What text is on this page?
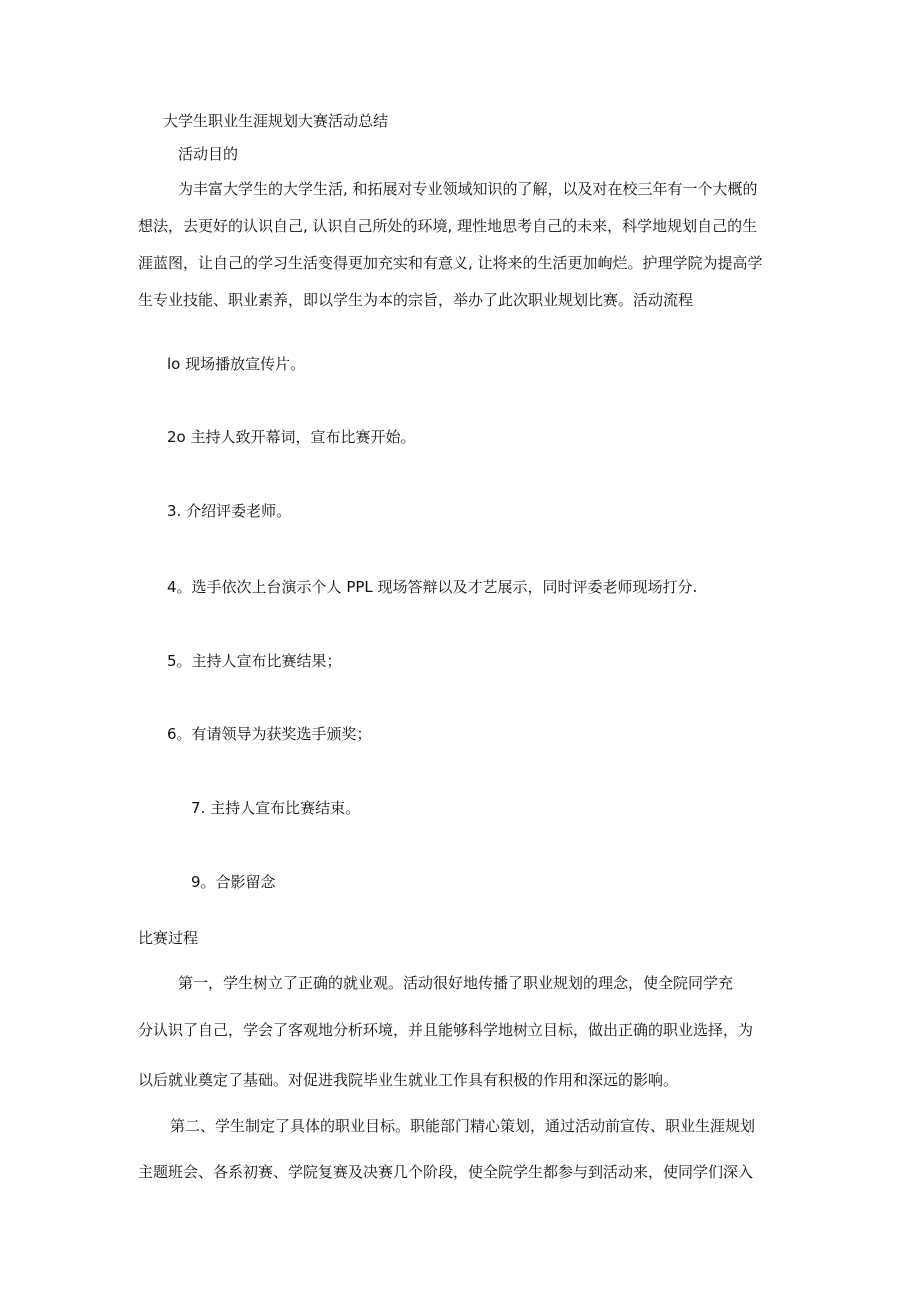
大学生职业生涯规划大赛活动总结
活动目的
为丰富大学生的大学生活, 和拓展对专业领域知识的了解，以及对在校三年有一个大概的
想法，去更好的认识自己, 认识自己所处的环境, 理性地思考自己的未来，科学地规划自己的生
涯蓝图，让自己的学习生活变得更加充实和有意义, 让将来的生活更加峋烂。护理学院为提高学
生专业技能、职业素养，即以学生为本的宗旨，举办了此次职业规划比赛。活动流程
lo 现场播放宣传片。
2o 主持人致开幕词，宣布比赛开始。
3. 介绍评委老师。
4。选手依次上台演示个人 PPL 现场答辩以及才艺展示，同时评委老师现场打分.
5。主持人宣布比赛结果；
6。有请领导为获奖选手颁奖；
7. 主持人宣布比赛结束。
9。合影留念
比赛过程
第一，学生树立了正确的就业观。活动很好地传播了职业规划的理念，使全院同学充
分认识了自己，学会了客观地分析环境，并且能够科学地树立目标，做出正确的职业选择，为
以后就业奠定了基础。对促进我院毕业生就业工作具有积极的作用和深远的影响。
第二、学生制定了具体的职业目标。职能部门精心策划，通过活动前宣传、职业生涯规划
主题班会、各系初赛、学院复赛及决赛几个阶段，使全院学生都参与到活动来，使同学们深入
